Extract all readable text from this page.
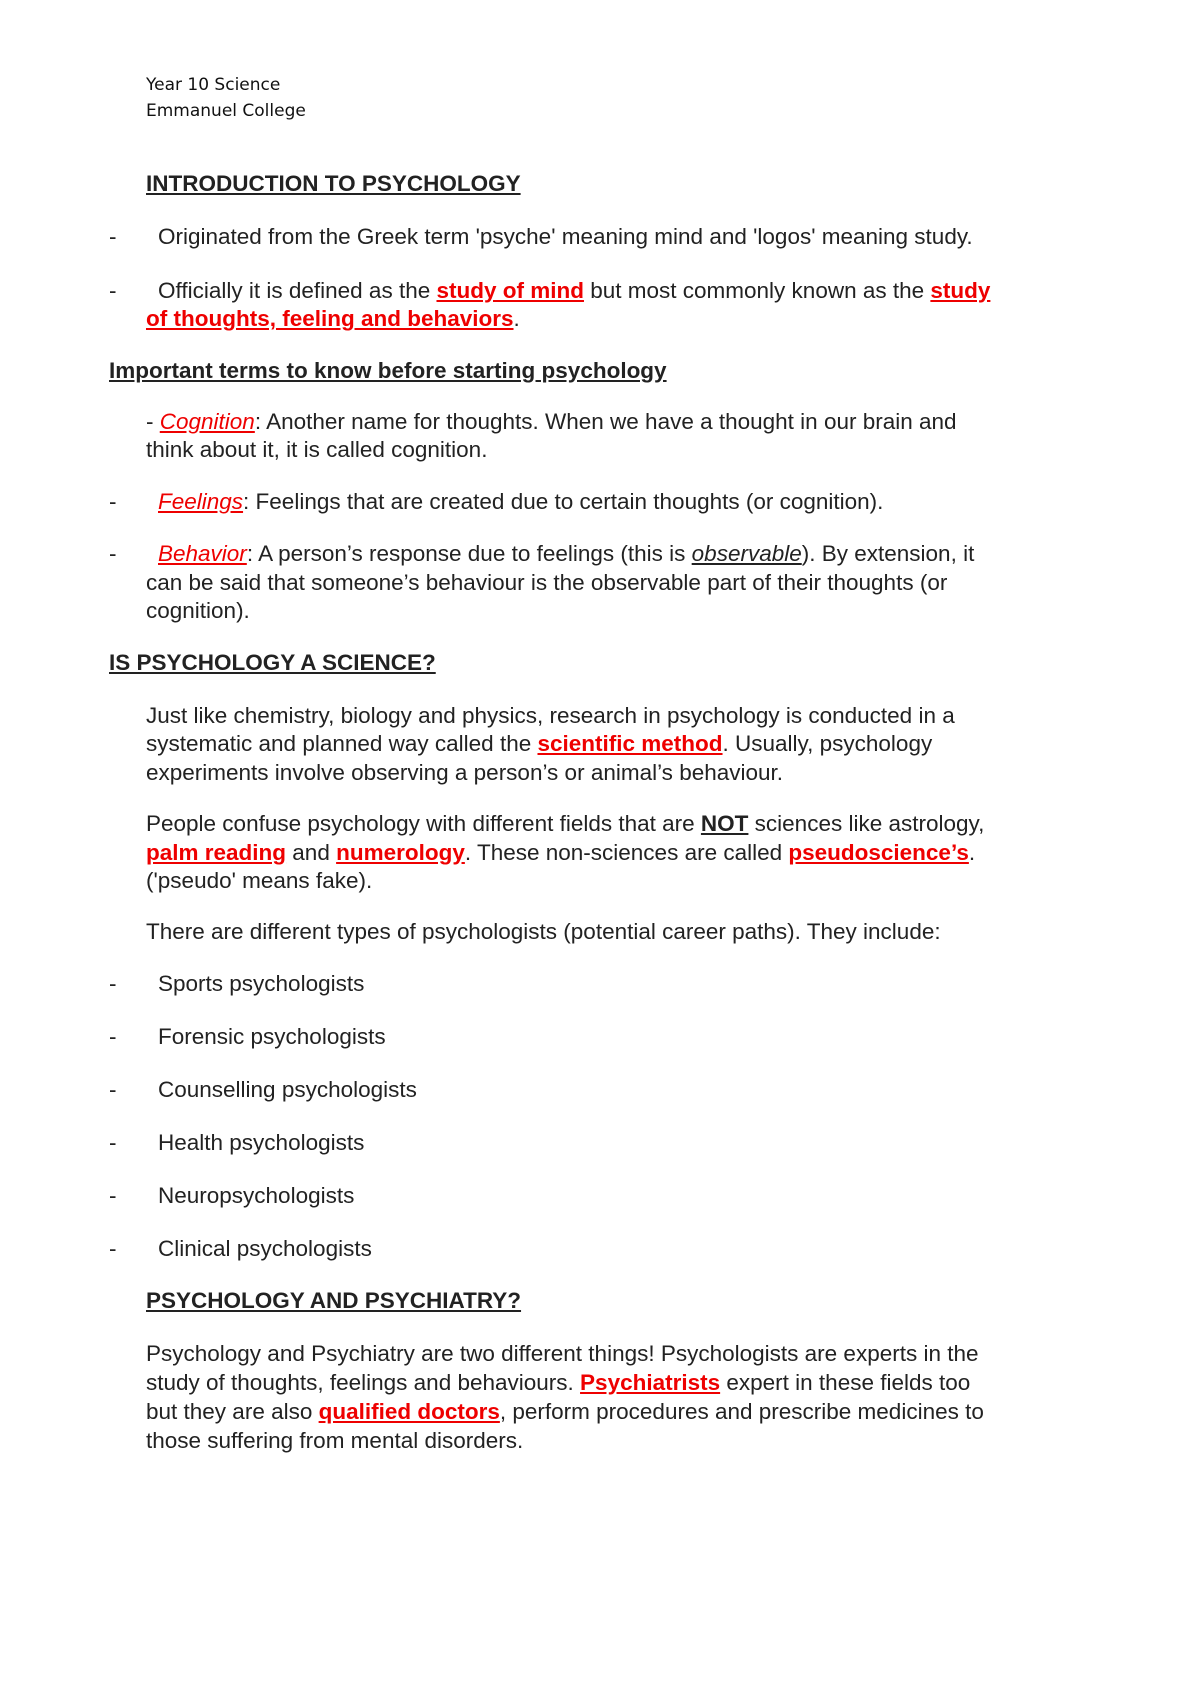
Year 10 Science
Emmanuel College
INTRODUCTION TO PSYCHOLOGY
- Originated from the Greek term 'psyche' meaning mind and 'logos' meaning study.
- Officially it is defined as the study of mind but most commonly known as the study
of thoughts, feeling and behaviors.
Important terms to know before starting psychology
- Cognition: Another name for thoughts. When we have a thought in our brain and
think about it, it is called cognition.
- Feelings: Feelings that are created due to certain thoughts (or cognition).
- Behavior: A person’s response due to feelings (this is observable). By extension, it
can be said that someone’s behaviour is the observable part of their thoughts (or
cognition).
IS PSYCHOLOGY A SCIENCE?
Just like chemistry, biology and physics, research in psychology is conducted in a
systematic and planned way called the scientific method. Usually, psychology
experiments involve observing a person’s or animal’s behaviour.
People confuse psychology with different fields that are NOT sciences like astrology,
palm reading and numerology. These non-sciences are called pseudoscience’s.
('pseudo' means fake).
There are different types of psychologists (potential career paths). They include:
- Sports psychologists
- Forensic psychologists
- Counselling psychologists
- Health psychologists
- Neuropsychologists
- Clinical psychologists
PSYCHOLOGY AND PSYCHIATRY?
Psychology and Psychiatry are two different things! Psychologists are experts in the
study of thoughts, feelings and behaviours. Psychiatrists expert in these fields too
but they are also qualified doctors, perform procedures and prescribe medicines to
those suffering from mental disorders.
